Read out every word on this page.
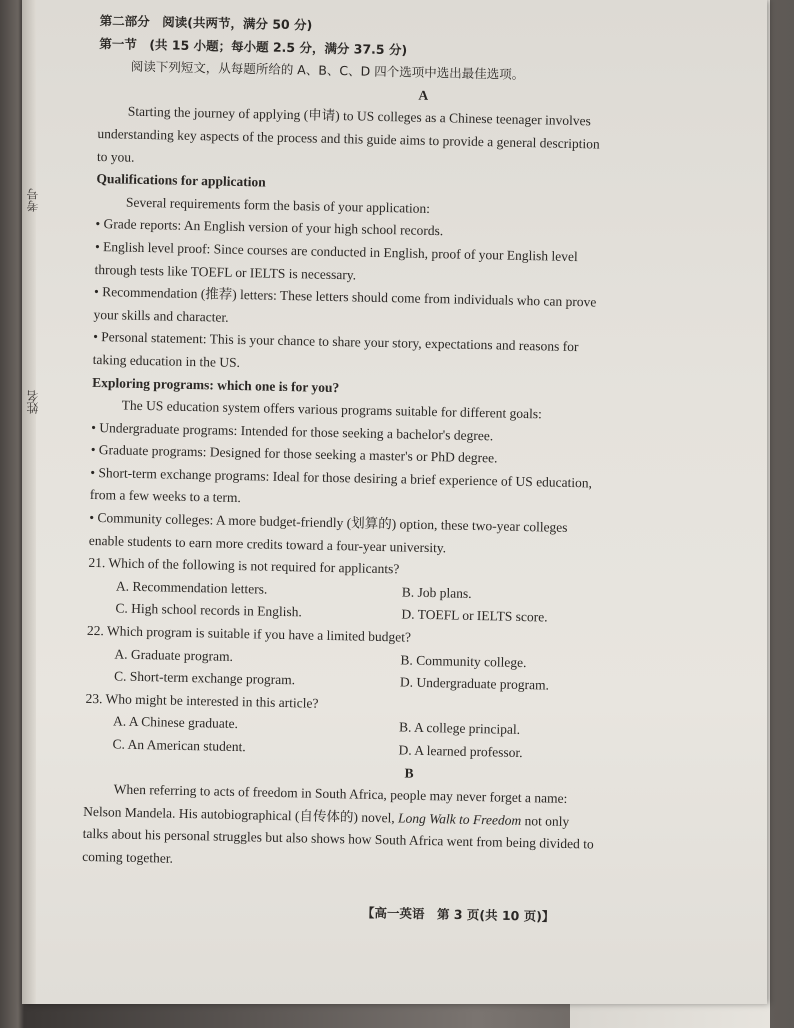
考号
姓名
第二部分　阅读(共两节，满分 50 分)
第一节　(共 15 小题；每小题 2.5 分，满分 37.5 分)
阅读下列短文，从每题所给的 A、B、C、D 四个选项中选出最佳选项。
A
Starting the journey of applying (申请) to US colleges as a Chinese teenager involves
understanding key aspects of the process and this guide aims to provide a general description
to you.
Qualifications for application
Several requirements form the basis of your application:
• Grade reports: An English version of your high school records.
• English level proof: Since courses are conducted in English, proof of your English level
through tests like TOEFL or IELTS is necessary.
• Recommendation (推荐) letters: These letters should come from individuals who can prove
your skills and character.
• Personal statement: This is your chance to share your story, expectations and reasons for
taking education in the US.
Exploring programs: which one is for you?
The US education system offers various programs suitable for different goals:
• Undergraduate programs: Intended for those seeking a bachelor's degree.
• Graduate programs: Designed for those seeking a master's or PhD degree.
• Short-term exchange programs: Ideal for those desiring a brief experience of US education,
from a few weeks to a term.
• Community colleges: A more budget-friendly (划算的) option, these two-year colleges
enable students to earn more credits toward a four-year university.
21. Which of the following is not required for applicants?
A. Recommendation letters.	B. Job plans.
C. High school records in English.	D. TOEFL or IELTS score.
22. Which program is suitable if you have a limited budget?
A. Graduate program.	B. Community college.
C. Short-term exchange program.	D. Undergraduate program.
23. Who might be interested in this article?
A. A Chinese graduate.	B. A college principal.
C. An American student.	D. A learned professor.
B
When referring to acts of freedom in South Africa, people may never forget a name:
Nelson Mandela. His autobiographical (自传体的) novel, Long Walk to Freedom not only
talks about his personal struggles but also shows how South Africa went from being divided to
coming together.
【高一英语　第 3 页(共 10 页)】
